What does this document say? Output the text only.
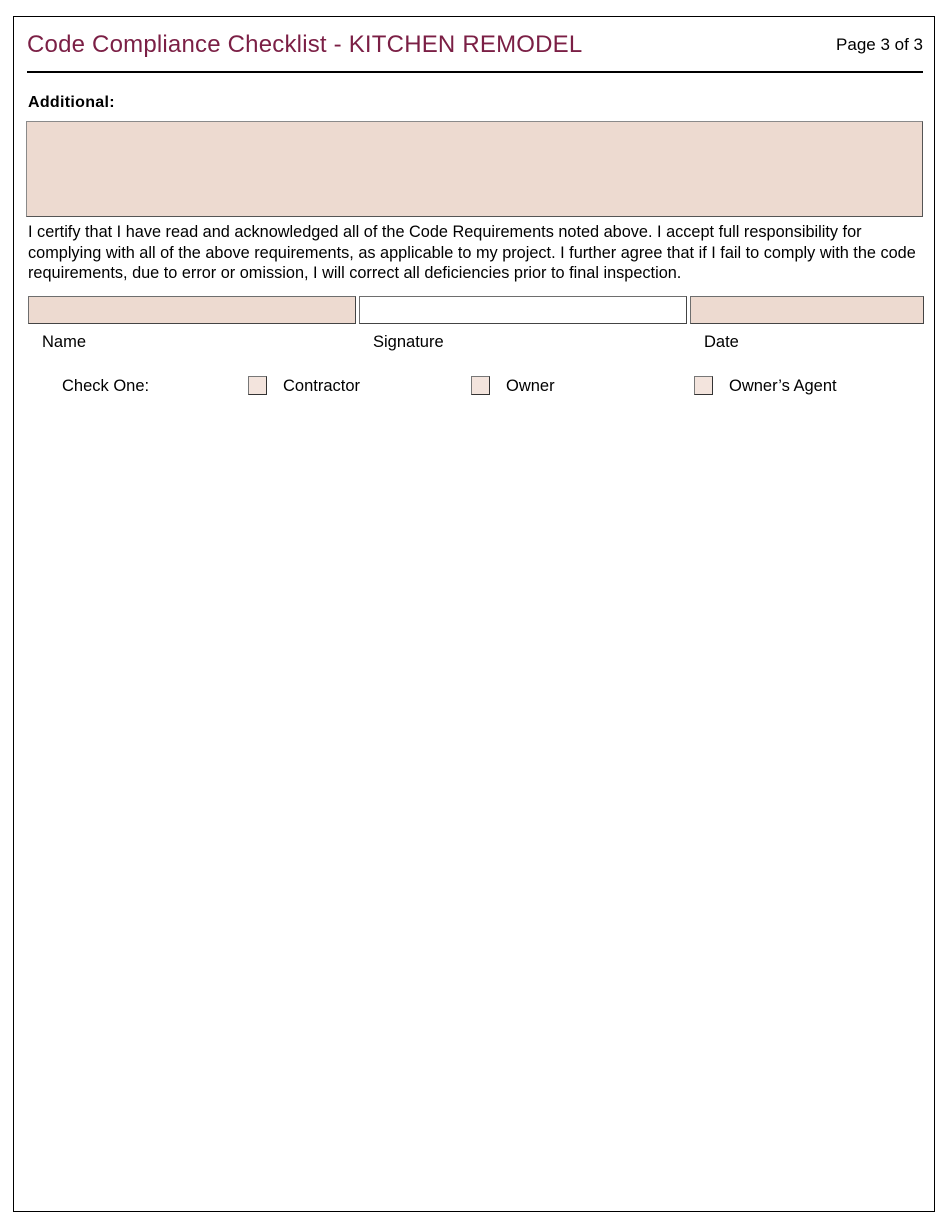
Code Compliance Checklist - KITCHEN REMODEL	Page 3 of 3
Additional:
I certify that I have read and acknowledged all of the Code Requirements noted above. I accept full responsibility for complying with all of the above requirements, as applicable to my project. I further agree that if I fail to comply with the code requirements, due to error or omission, I will correct all deficiencies prior to final inspection.
Name	Signature	Date
Check One:	Contractor	Owner	Owner’s Agent
